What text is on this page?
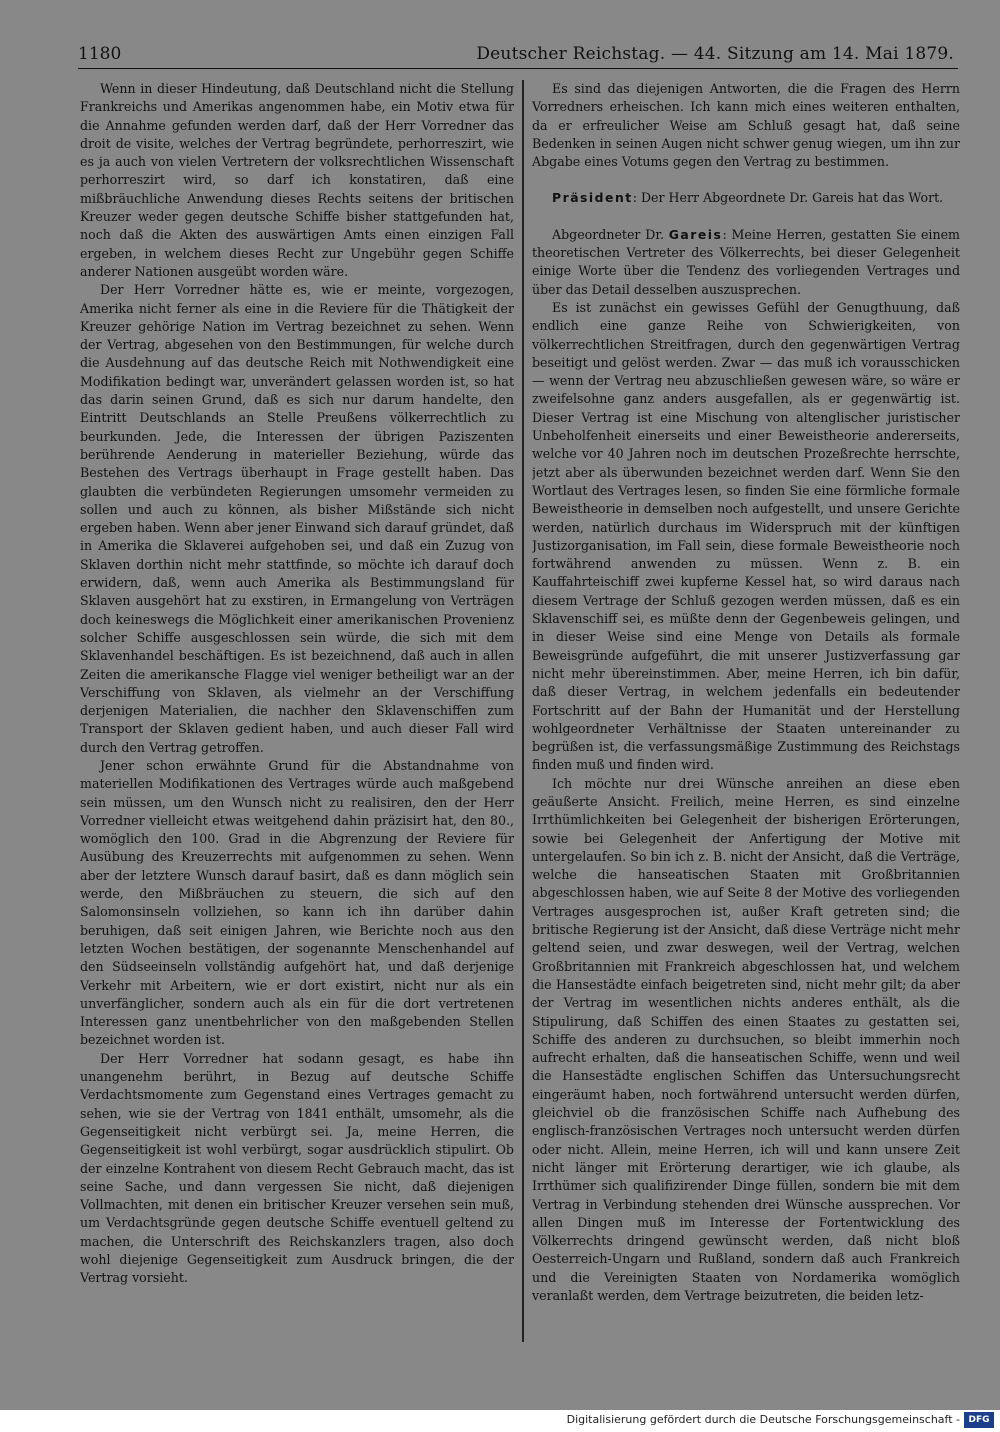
1180	Deutscher Reichstag. — 44. Sitzung am 14. Mai 1879.

Wenn in dieser Hindeutung, daß Deutschland nicht die Stellung Frankreichs und Amerikas angenommen habe, ein Motiv etwa für die Annahme gefunden werden darf, daß der Herr Vorredner das droit de visite, welches der Vertrag begründete, perhorreszirt, wie es ja auch von vielen Vertretern der volksrechtlichen Wissenschaft perhorreszirt wird, so darf ich konstatiren, daß eine mißbräuchliche Anwendung dieses Rechts seitens der britischen Kreuzer weder gegen deutsche Schiffe bisher stattgefunden hat, noch daß die Akten des auswärtigen Amts einen einzigen Fall ergeben, in welchem dieses Recht zur Ungebühr gegen Schiffe anderer Nationen ausgeübt worden wäre.

Der Herr Vorredner hätte es, wie er meinte, vorgezogen, Amerika nicht ferner als eine in die Reviere für die Thätigkeit der Kreuzer gehörige Nation im Vertrag bezeichnet zu sehen. Wenn der Vertrag, abgesehen von den Bestimmungen, für welche durch die Ausdehnung auf das deutsche Reich mit Nothwendigkeit eine Modifikation bedingt war, unverändert gelassen worden ist, so hat das darin seinen Grund, daß es sich nur darum handelte, den Eintritt Deutschlands an Stelle Preußens völkerrechtlich zu beurkunden. Jede, die Interessen der übrigen Paziszenten berührende Aenderung in materieller Beziehung, würde das Bestehen des Vertrags überhaupt in Frage gestellt haben. Das glaubten die verbündeten Regierungen umsomehr vermeiden zu sollen und auch zu können, als bisher Mißstände sich nicht ergeben haben. Wenn aber jener Einwand sich darauf gründet, daß in Amerika die Sklaverei aufgehoben sei, und daß ein Zuzug von Sklaven dorthin nicht mehr stattfinde, so möchte ich darauf doch erwidern, daß, wenn auch Amerika als Bestimmungsland für Sklaven ausgehört hat zu exstiren, in Ermangelung von Verträgen doch keineswegs die Möglichkeit einer amerikanischen Provenienz solcher Schiffe ausgeschlossen sein würde, die sich mit dem Sklavenhandel beschäftigen. Es ist bezeichnend, daß auch in allen Zeiten die amerikansche Flagge viel weniger betheiligt war an der Verschiffung von Sklaven, als vielmehr an der Verschiffung derjenigen Materialien, die nachher den Sklavenschiffen zum Transport der Sklaven gedient haben, und auch dieser Fall wird durch den Vertrag getroffen.

Jener schon erwähnte Grund für die Abstandnahme von materiellen Modifikationen des Vertrages würde auch maßgebend sein müssen, um den Wunsch nicht zu realisiren, den der Herr Vorredner vielleicht etwas weitgehend dahin präzisirt hat, den 80., womöglich den 100. Grad in die Abgrenzung der Reviere für Ausübung des Kreuzerrechts mit aufgenommen zu sehen. Wenn aber der letztere Wunsch darauf basirt, daß es dann möglich sein werde, den Mißbräuchen zu steuern, die sich auf den Salomonsinseln vollziehen, so kann ich ihn darüber dahin beruhigen, daß seit einigen Jahren, wie Berichte noch aus den letzten Wochen bestätigen, der sogenannte Menschenhandel auf den Südseeinseln vollständig aufgehört hat, und daß derjenige Verkehr mit Arbeitern, wie er dort existirt, nicht nur als ein unverfänglicher, sondern auch als ein für die dort vertretenen Interessen ganz unentbehrlicher von den maßgebenden Stellen bezeichnet worden ist.

Der Herr Vorredner hat sodann gesagt, es habe ihn unangenehm berührt, in Bezug auf deutsche Schiffe Verdachtsmomente zum Gegenstand eines Vertrages gemacht zu sehen, wie sie der Vertrag von 1841 enthält, umsomehr, als die Gegenseitigkeit nicht verbürgt sei. Ja, meine Herren, die Gegenseitigkeit ist wohl verbürgt, sogar ausdrücklich stipulirt. Ob der einzelne Kontrahent von diesem Recht Gebrauch macht, das ist seine Sache, und dann vergessen Sie nicht, daß diejenigen Vollmachten, mit denen ein britischer Kreuzer versehen sein muß, um Verdachtsgründe gegen deutsche Schiffe eventuell geltend zu machen, die Unterschrift des Reichskanzlers tragen, also doch wohl diejenige Gegenseitigkeit zum Ausdruck bringen, die der Vertrag vorsieht.

Es sind das diejenigen Antworten, die die Fragen des Herrn Vorredners erheischen. Ich kann mich eines weiteren enthalten, da er erfreulicher Weise am Schluß gesagt hat, daß seine Bedenken in seinen Augen nicht schwer genug wiegen, um ihn zur Abgabe eines Votums gegen den Vertrag zu bestimmen.

Präsident: Der Herr Abgeordnete Dr. Gareis hat das Wort.

Abgeordneter Dr. Gareis: Meine Herren, gestatten Sie einem theoretischen Vertreter des Völkerrechts, bei dieser Gelegenheit einige Worte über die Tendenz des vorliegenden Vertrages und über das Detail desselben auszusprechen.

Es ist zunächst ein gewisses Gefühl der Genugthuung, daß endlich eine ganze Reihe von Schwierigkeiten, von völkerrechtlichen Streitfragen, durch den gegenwärtigen Vertrag beseitigt und gelöst werden. Zwar — das muß ich vorausschicken — wenn der Vertrag neu abzuschließen gewesen wäre, so wäre er zweifelsohne ganz anders ausgefallen, als er gegenwärtig ist. Dieser Vertrag ist eine Mischung von altenglischer juristischer Unbeholfenheit einerseits und einer Beweistheorie andererseits, welche vor 40 Jahren noch im deutschen Prozeßrechte herrschte, jetzt aber als überwunden bezeichnet werden darf. Wenn Sie den Wortlaut des Vertrages lesen, so finden Sie eine förmliche formale Beweistheorie in demselben noch aufgestellt, und unsere Gerichte werden, natürlich durchaus im Widerspruch mit der künftigen Justizorganisation, im Fall sein, diese formale Beweistheorie noch fortwährend anwenden zu müssen. Wenn z. B. ein Kauffahrteischiff zwei kupferne Kessel hat, so wird daraus nach diesem Vertrage der Schluß gezogen werden müssen, daß es ein Sklavenschiff sei, es müßte denn der Gegenbeweis gelingen, und in dieser Weise sind eine Menge von Details als formale Beweisgründe aufgeführt, die mit unserer Justizverfassung gar nicht mehr übereinstimmen. Aber, meine Herren, ich bin dafür, daß dieser Vertrag, in welchem jedenfalls ein bedeutender Fortschritt auf der Bahn der Humanität und der Herstellung wohlgeordneter Verhältnisse der Staaten untereinander zu begrüßen ist, die verfassungsmäßige Zustimmung des Reichstags finden muß und finden wird.

Ich möchte nur drei Wünsche anreihen an diese eben geäußerte Ansicht. Freilich, meine Herren, es sind einzelne Irrthümlichkeiten bei Gelegenheit der bisherigen Erörterungen, sowie bei Gelegenheit der Anfertigung der Motive mit untergelaufen. So bin ich z. B. nicht der Ansicht, daß die Verträge, welche die hanseatischen Staaten mit Großbritannien abgeschlossen haben, wie auf Seite 8 der Motive des vorliegenden Vertrages ausgesprochen ist, außer Kraft getreten sind; die britische Regierung ist der Ansicht, daß diese Verträge nicht mehr geltend seien, und zwar deswegen, weil der Vertrag, welchen Großbritannien mit Frankreich abgeschlossen hat, und welchem die Hansestädte einfach beigetreten sind, nicht mehr gilt; da aber der Vertrag im wesentlichen nichts anderes enthält, als die Stipulirung, daß Schiffen des einen Staates zu gestatten sei, Schiffe des anderen zu durchsuchen, so bleibt immerhin noch aufrecht erhalten, daß die hanseatischen Schiffe, wenn und weil die Hansestädte englischen Schiffen das Untersuchungsrecht eingeräumt haben, noch fortwährend untersucht werden dürfen, gleichviel ob die französischen Schiffe nach Aufhebung des englisch-französischen Vertrages noch untersucht werden dürfen oder nicht. Allein, meine Herren, ich will und kann unsere Zeit nicht länger mit Erörterung derartiger, wie ich glaube, als Irrthümer sich qualifizirender Dinge füllen, sondern bie mit dem Vertrag in Verbindung stehenden drei Wünsche aussprechen. Vor allen Dingen muß im Interesse der Fortentwicklung des Völkerrechts dringend gewünscht werden, daß nicht bloß Oesterreich-Ungarn und Rußland, sondern daß auch Frankreich und die Vereinigten Staaten von Nordamerika womöglich veranlaßt werden, dem Vertrage beizutreten, die beiden letz-

Digitalisierung gefördert durch die Deutsche Forschungsgemeinschaft - DFG
